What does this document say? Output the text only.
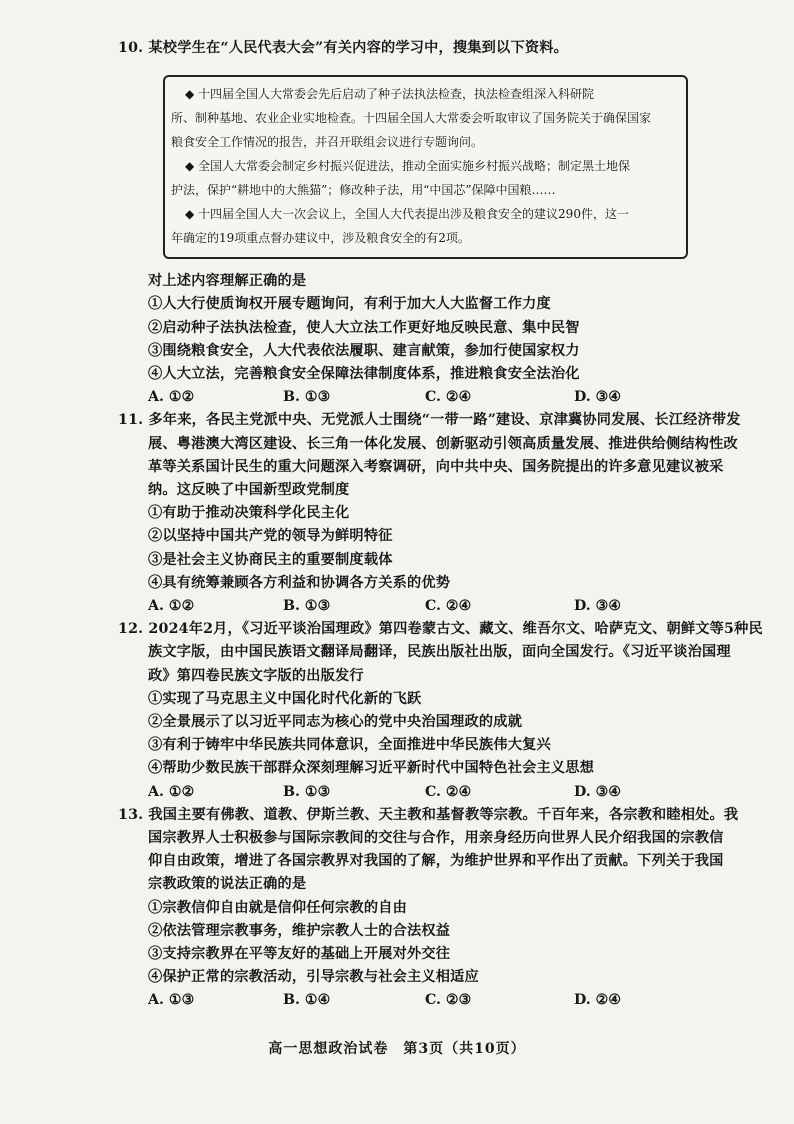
10. 某校学生在“人民代表大会”有关内容的学习中，搜集到以下资料。
◆ 十四届全国人大常委会先后启动了种子法执法检查，执法检查组深入科研院
所、制种基地、农业企业实地检查。十四届全国人大常委会听取审议了国务院关于确保国家
粮食安全工作情况的报告，并召开联组会议进行专题询问。
◆ 全国人大常委会制定乡村振兴促进法，推动全面实施乡村振兴战略；制定黑土地保
护法，保护“耕地中的大熊猫”；修改种子法，用“中国芯”保障中国粮……
◆ 十四届全国人大一次会议上，全国人大代表提出涉及粮食安全的建议290件，这一
年确定的19项重点督办建议中，涉及粮食安全的有2项。
对上述内容理解正确的是
①人大行使质询权开展专题询问，有利于加大人大监督工作力度
②启动种子法执法检查，使人大立法工作更好地反映民意、集中民智
③围绕粮食安全，人大代表依法履职、建言献策，参加行使国家权力
④人大立法，完善粮食安全保障法律制度体系，推进粮食安全法治化
A. ①②	B. ①③	C. ②④	D. ③④
11. 多年来，各民主党派中央、无党派人士围绕“一带一路”建设、京津冀协同发展、长江经济带发
展、粤港澳大湾区建设、长三角一体化发展、创新驱动引领高质量发展、推进供给侧结构性改
革等关系国计民生的重大问题深入考察调研，向中共中央、国务院提出的许多意见建议被采
纳。这反映了中国新型政党制度
①有助于推动决策科学化民主化
②以坚持中国共产党的领导为鲜明特征
③是社会主义协商民主的重要制度载体
④具有统筹兼顾各方利益和协调各方关系的优势
A. ①②	B. ①③	C. ②④	D. ③④
12. 2024年2月，《习近平谈治国理政》第四卷蒙古文、藏文、维吾尔文、哈萨克文、朝鲜文等5种民
族文字版，由中国民族语文翻译局翻译，民族出版社出版，面向全国发行。《习近平谈治国理
政》第四卷民族文字版的出版发行
①实现了马克思主义中国化时代化新的飞跃
②全景展示了以习近平同志为核心的党中央治国理政的成就
③有利于铸牢中华民族共同体意识，全面推进中华民族伟大复兴
④帮助少数民族干部群众深刻理解习近平新时代中国特色社会主义思想
A. ①②	B. ①③	C. ②④	D. ③④
13. 我国主要有佛教、道教、伊斯兰教、天主教和基督教等宗教。千百年来，各宗教和睦相处。我
国宗教界人士积极参与国际宗教间的交往与合作，用亲身经历向世界人民介绍我国的宗教信
仰自由政策，增进了各国宗教界对我国的了解，为维护世界和平作出了贡献。下列关于我国
宗教政策的说法正确的是
①宗教信仰自由就是信仰任何宗教的自由
②依法管理宗教事务，维护宗教人士的合法权益
③支持宗教界在平等友好的基础上开展对外交往
④保护正常的宗教活动，引导宗教与社会主义相适应
高一思想政治试卷　第3页（共10页）
A. ①③	B. ①④	C. ②③	D. ②④
